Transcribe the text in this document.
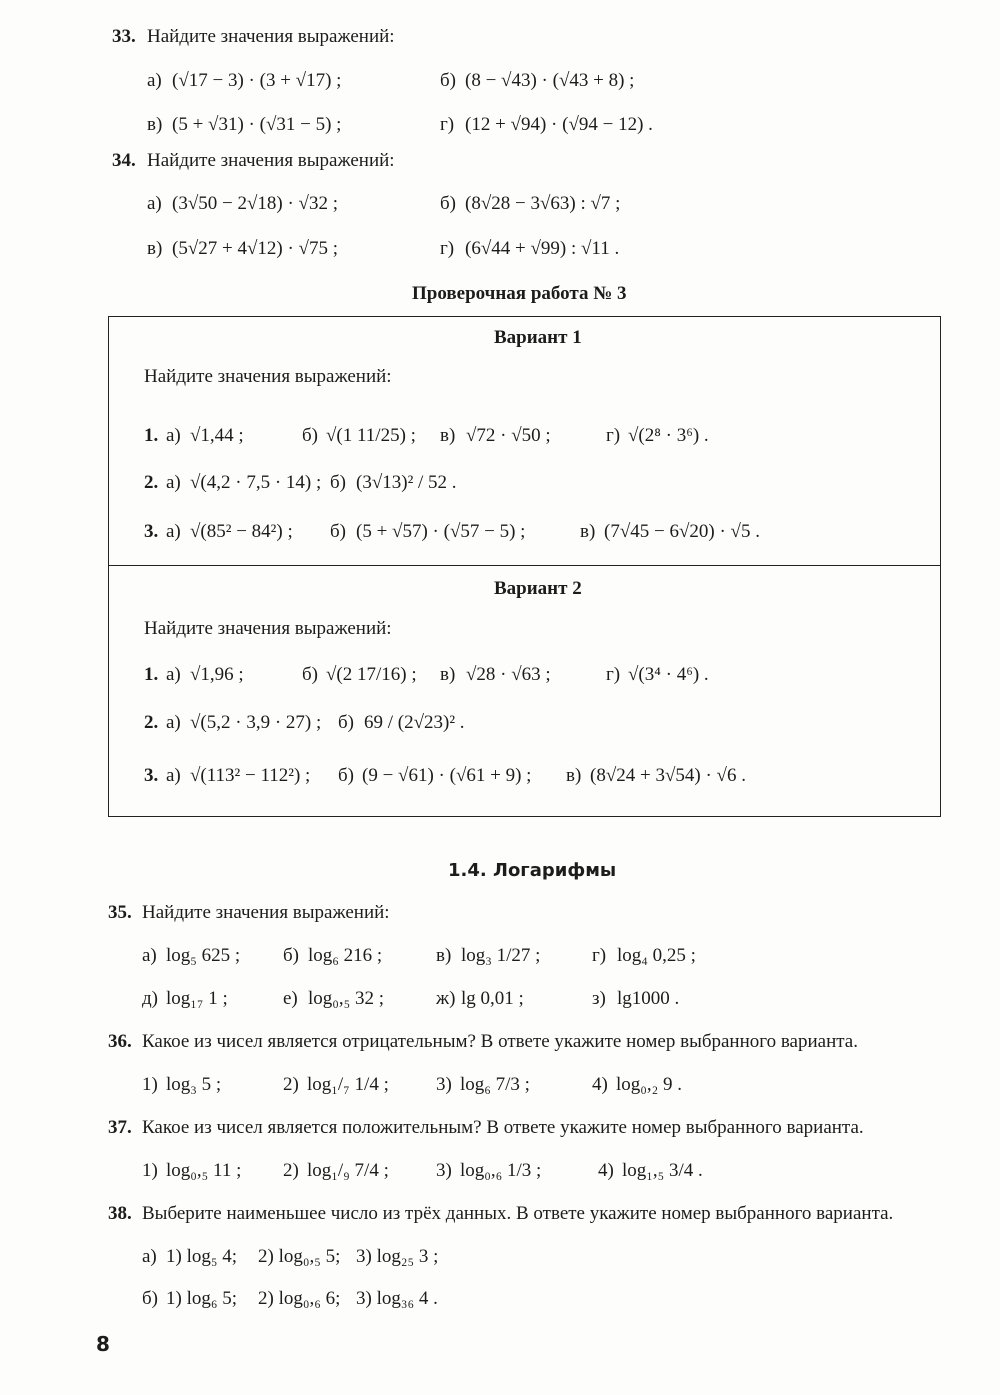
33. Найдите значения выражений:
а) (√17 − 3) · (3 + √17) ;	б) (8 − √43) · (√43 + 8) ;
в) (5 + √31) · (√31 − 5) ;	г) (12 + √94) · (√94 − 12) .
34. Найдите значения выражений:
а) (3√50 − 2√18) · √32 ;	б) (8√28 − 3√63) : √7 ;
в) (5√27 + 4√12) · √75 ;	г) (6√44 + √99) : √11 .
Проверочная работа № 3
Вариант 1
Найдите значения выражений:
1. а) √1,44 ;	б) √(1 11/25) ; в) √72 · √50 ;	г) √(2⁸ · 3⁶) .
2. а) √(4,2 · 7,5 · 14) ; б) (3√13)² / 52 .
3. а) √(85² − 84²) ; б) (5 + √57) · (√57 − 5) ;	в) (7√45 − 6√20) · √5 .
Вариант 2
Найдите значения выражений:
1. а) √1,96 ;	б) √(2 17/16) ; в) √28 · √63 ;	г) √(3⁴ · 4⁶) .
2. а) √(5,2 · 3,9 · 27) ; б) 69 / (2√23)² .
3. а) √(113² − 112²) ; б) (9 − √61) · (√61 + 9) ; в) (8√24 + 3√54) · √6 .
1.4. Логарифмы
35. Найдите значения выражений:
а) log₅ 625 ; б) log₆ 216 ;	в) log₃ 1/27 ;	г) log₄ 0,25 ;
д) log₁₇ 1 ;	е) log₀,₅ 32 ;	ж) lg 0,01 ;	з) lg1000 .
36. Какое из чисел является отрицательным? В ответе укажите номер выбранного варианта.
1) log₃ 5 ;	2) log₁/₇ 1/4 ; 3) log₆ 7/3 ;	4) log₀,₂ 9 .
37. Какое из чисел является положительным? В ответе укажите номер выбранного варианта.
1) log₀,₅ 11 ; 2) log₁/₉ 7/4 ; 3) log₀,₆ 1/3 ;	4) log₁,₅ 3/4 .
38. Выберите наименьшее число из трёх данных. В ответе укажите номер выбранного варианта.
а) 1) log₅ 4; 2) log₀,₅ 5; 3) log₂₅ 3 ;
б) 1) log₆ 5; 2) log₀,₆ 6; 3) log₃₆ 4 .
8
